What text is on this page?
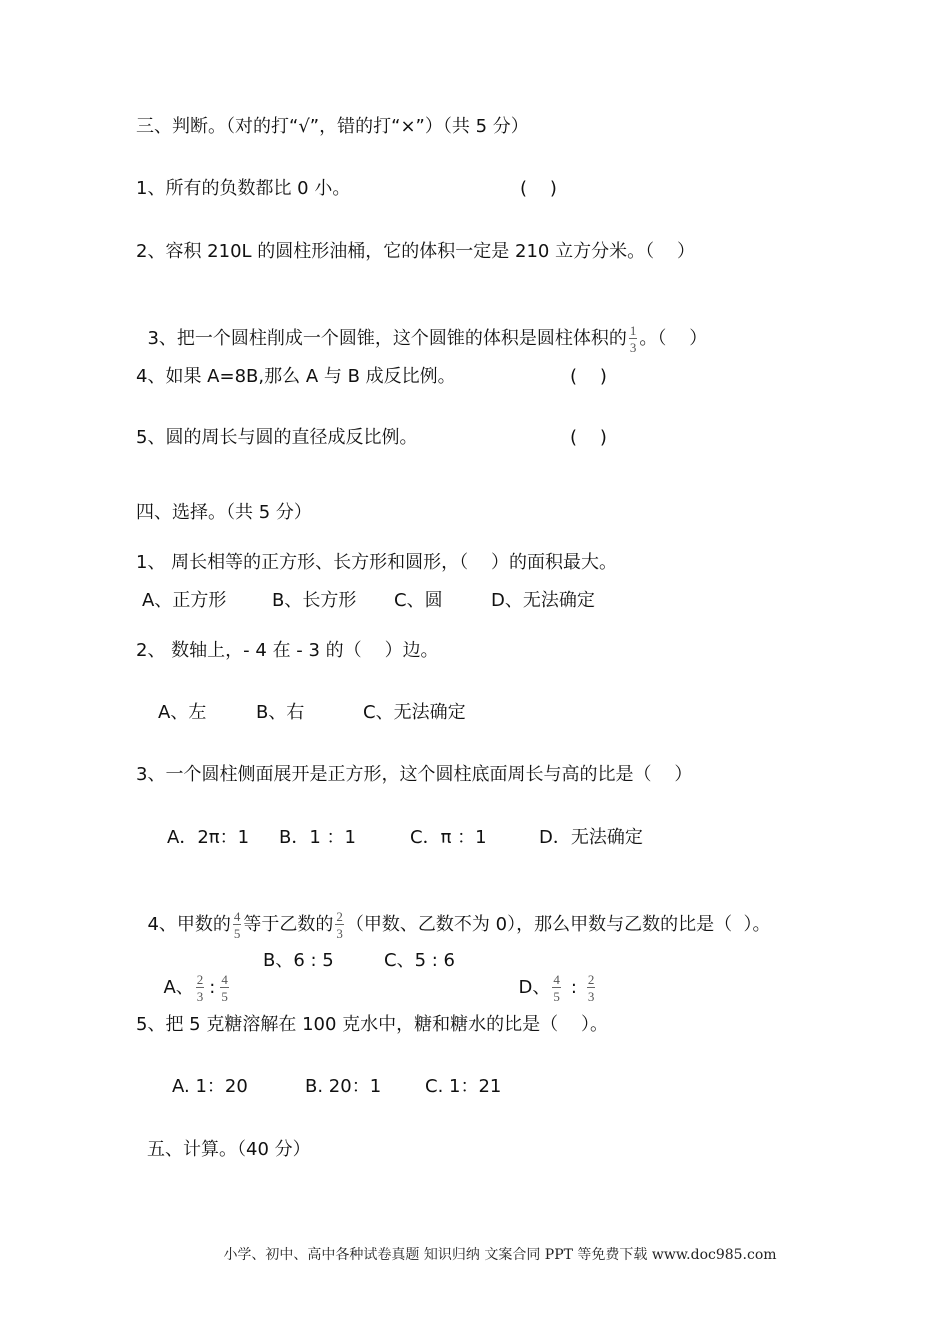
三、判断。（对的打“√”，错的打“×”）（共 5 分）
1、所有的负数都比 0 小。	(    )
2、容积 210L 的圆柱形油桶，它的体积一定是 210 立方分米。（    ）

3、把一个圆柱削成一个圆锥，这个圆锥的体积是圆柱体积的 $\frac{1}{3}$ 。（    ）

4、如果 A=8B,那么 A 与 B 成反比例。	(    )
5、圆的周长与圆的直径成反比例。	(    )
四、选择。（共 5 分）
1、 周长相等的正方形、长方形和圆形，（    ）的面积最大。
A、正方形	B、长方形 C、圆	D、无法确定
2、 数轴上，- 4 在 - 3 的（    ）边。
A、左	B、右	C、无法确定
3、一个圆柱侧面展开是正方形，这个圆柱底面周长与高的比是（    ）
A．2π：1 B．1 ：1	C．π ：1	D．无法确定

4、甲数的 $\frac{4}{5}$ 等于乙数的 $\frac{2}{3}$ （甲数、乙数不为 0），那么甲数与乙数的比是（  ）。

A、 $\frac{2}{3}$ : $\frac{4}{5}$

B、6 : 5	C、5 : 6

D、 $\frac{4}{5}$ : $\frac{2}{3}$

5、把 5 克糖溶解在 100 克水中，糖和糖水的比是（    ）。
A. 1：20	B. 20：1 C. 1：21
五、计算。（40 分）
小学、初中、高中各种试卷真题 知识归纳 文案合同 PPT 等免费下载 www.doc985.com
